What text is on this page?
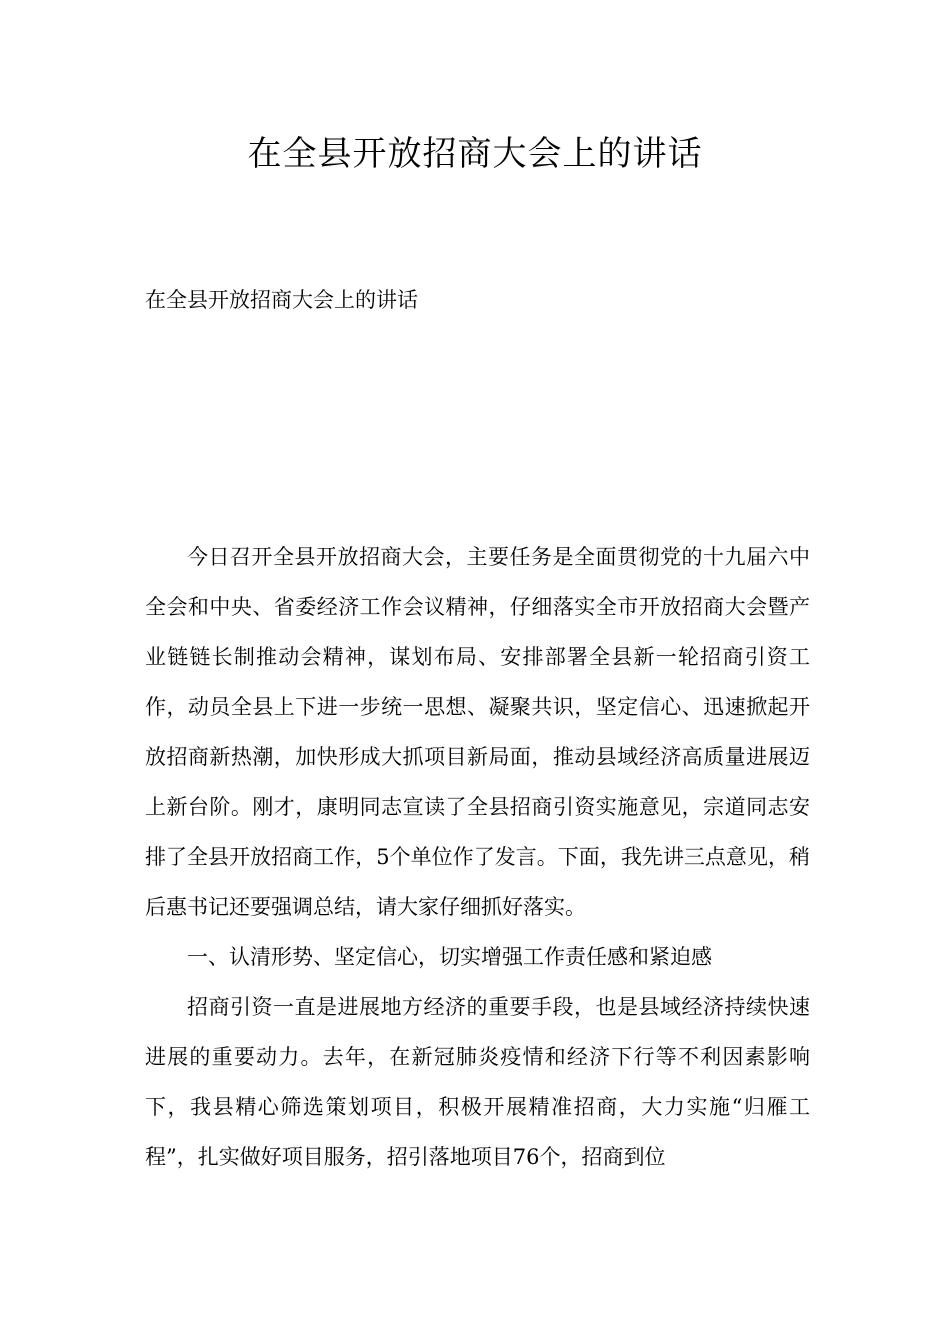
在全县开放招商大会上的讲话

在全县开放招商大会上的讲话

今日召开全县开放招商大会，主要任务是全面贯彻党的十九届六中全会和中央、省委经济工作会议精神，仔细落实全市开放招商大会暨产业链链长制推动会精神，谋划布局、安排部署全县新一轮招商引资工作，动员全县上下进一步统一思想、凝聚共识，坚定信心、迅速掀起开放招商新热潮，加快形成大抓项目新局面，推动县域经济高质量进展迈上新台阶。刚才，康明同志宣读了全县招商引资实施意见，宗道同志安排了全县开放招商工作，5个单位作了发言。下面，我先讲三点意见，稍后惠书记还要强调总结，请大家仔细抓好落实。

一、认清形势、坚定信心，切实增强工作责任感和紧迫感

招商引资一直是进展地方经济的重要手段，也是县域经济持续快速进展的重要动力。去年，在新冠肺炎疫情和经济下行等不利因素影响下，我县精心筛选策划项目，积极开展精准招商，大力实施“归雁工程”，扎实做好项目服务，招引落地项目76个，招商到位
